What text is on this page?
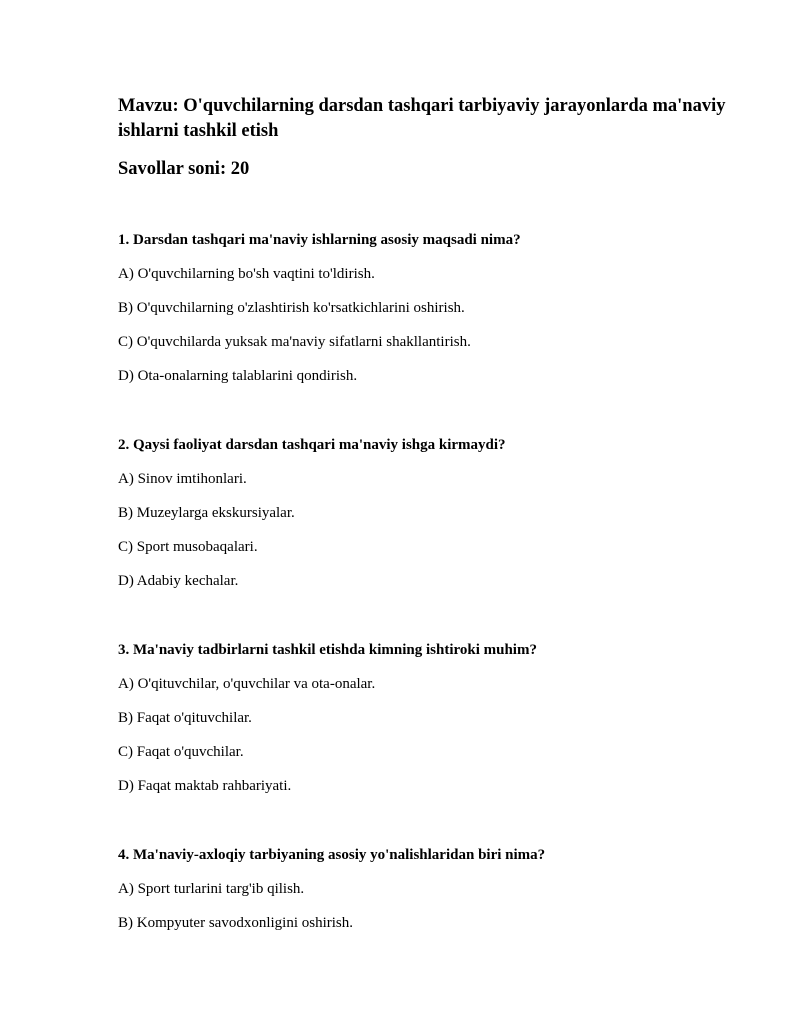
Mavzu: O'quvchilarning darsdan tashqari tarbiyaviy jarayonlarda ma'naviy ishlarni tashkil etish
Savollar soni: 20
1. Darsdan tashqari ma'naviy ishlarning asosiy maqsadi nima?
A) O'quvchilarning bo'sh vaqtini to'ldirish.
B) O'quvchilarning o'zlashtirish ko'rsatkichlarini oshirish.
C) O'quvchilarda yuksak ma'naviy sifatlarni shakllantirish.
D) Ota-onalarning talablarini qondirish.
2. Qaysi faoliyat darsdan tashqari ma'naviy ishga kirmaydi?
A) Sinov imtihonlari.
B) Muzeylarga ekskursiyalar.
C) Sport musobaqalari.
D) Adabiy kechalar.
3. Ma'naviy tadbirlarni tashkil etishda kimning ishtiroki muhim?
A) O'qituvchilar, o'quvchilar va ota-onalar.
B) Faqat o'qituvchilar.
C) Faqat o'quvchilar.
D) Faqat maktab rahbariyati.
4. Ma'naviy-axloqiy tarbiyaning asosiy yo'nalishlaridan biri nima?
A) Sport turlarini targ'ib qilish.
B) Kompyuter savodxonligini oshirish.
